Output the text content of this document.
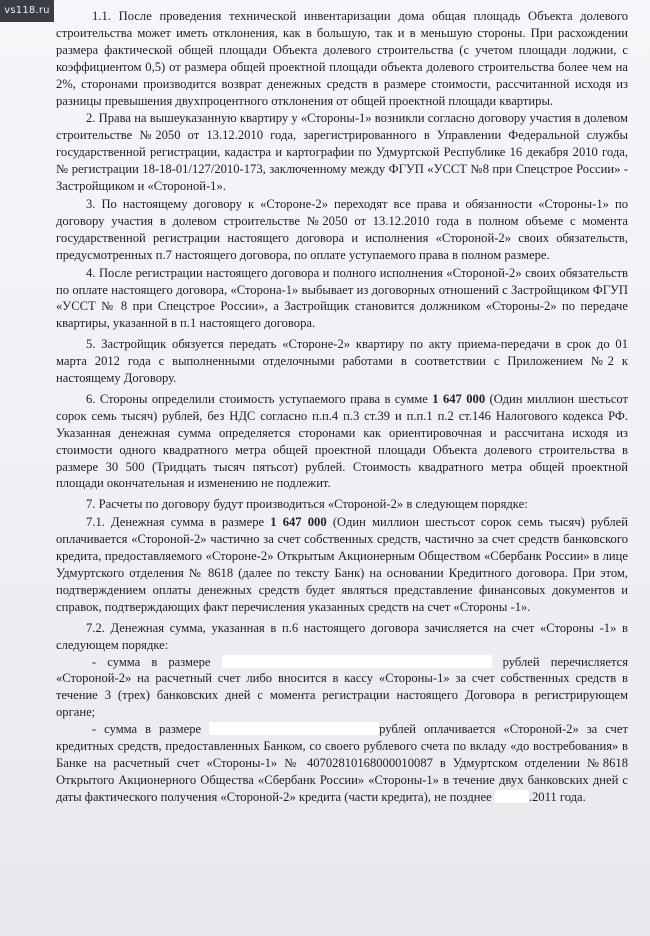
vs118.ru	1.1. После проведения технической инвентаризации дома общая площадь Объекта долевого строительства может иметь отклонения, как в большую, так и в меньшую стороны. При расхождении размера фактической общей площади Объекта долевого строительства (с учетом площади лоджии, с коэффициентом 0,5) от размера общей проектной площади объекта долевого строительства более чем на 2%, сторонами производится возврат денежных средств в размере стоимости, рассчитанной исходя из разницы превышения двухпроцентного отклонения от общей проектной площади квартиры.

2. Права на вышеуказанную квартиру у «Стороны-1» возникли согласно договору участия в долевом строительстве №2050 от 13.12.2010 года, зарегистрированного в Управлении Федеральной службы государственной регистрации, кадастра и картографии по Удмуртской Республике 16 декабря 2010 года, № регистрации 18-18-01/127/2010-173, заключенному между ФГУП «УССТ №8 при Спецстрое России» - Застройщиком и «Стороной-1».

3. По настоящему договору к «Стороне-2» переходят все права и обязанности «Стороны-1» по договору участия в долевом строительстве №2050 от 13.12.2010 года в полном объеме с момента государственной регистрации настоящего договора и исполнения «Стороной-2» своих обязательств, предусмотренных п.7 настоящего договора, по оплате уступаемого права в полном размере.

4. После регистрации настоящего договора и полного исполнения «Стороной-2» своих обязательств по оплате настоящего договора, «Сторона-1» выбывает из договорных отношений с Застройщиком ФГУП «УССТ № 8 при Спецстрое России», а Застройщик становится должником «Стороны-2» по передаче квартиры, указанной в п.1 настоящего договора.

5. Застройщик обязуется передать «Стороне-2» квартиру по акту приема-передачи в срок до 01 марта 2012 года с выполненными отделочными работами в соответствии с Приложением №2 к настоящему Договору.

6. Стороны определили стоимость уступаемого права в сумме 1 647 000 (Один миллион шестьсот сорок семь тысяч) рублей, без НДС согласно п.п.4 п.3 ст.39 и п.п.1 п.2 ст.146 Налогового кодекса РФ. Указанная денежная сумма определяется сторонами как ориентировочная и рассчитана исходя из стоимости одного квадратного метра общей проектной площади Объекта долевого строительства в размере 30 500 (Тридцать тысяч пятьсот) рублей. Стоимость квадратного метра общей проектной площади окончательная и изменению не подлежит.

7. Расчеты по договору будут производиться «Стороной-2» в следующем порядке:

7.1. Денежная сумма в размере 1 647 000 (Один миллион шестьсот сорок семь тысяч) рублей оплачивается «Стороной-2» частично за счет собственных средств, частично за счет средств банковского кредита, предоставляемого «Стороне-2» Открытым Акционерным Обществом «Сбербанк России» в лице Удмуртского отделения № 8618 (далее по тексту Банк) на основании Кредитного договора. При этом, подтверждением оплаты денежных средств будет являться представление финансовых документов и справок, подтверждающих факт перечисления указанных средств на счет «Стороны -1».

7.2. Денежная сумма, указанная в п.6 настоящего договора зачисляется на счет «Стороны -1» в следующем порядке:

- сумма в размере	рублей перечисляется «Стороной-2» на расчетный счет либо вносится в кассу «Стороны-1» за счет собственных средств в течение 3 (трех) банковских дней с момента регистрации настоящего Договора в регистрирующем органе;

- сумма в размере	рублей оплачивается «Стороной-2» за счет кредитных средств, предоставленных Банком, со своего рублевого счета по вкладу «до востребования» в Банке на расчетный счет «Стороны-1» № 40702810168000010087 в Удмуртском отделении №8618 Открытого Акционерного Общества «Сбербанк России» «Стороны-1» в течение двух банковских дней с даты фактического получения «Стороной-2» кредита (части кредита), не позднее	.2011 года.
